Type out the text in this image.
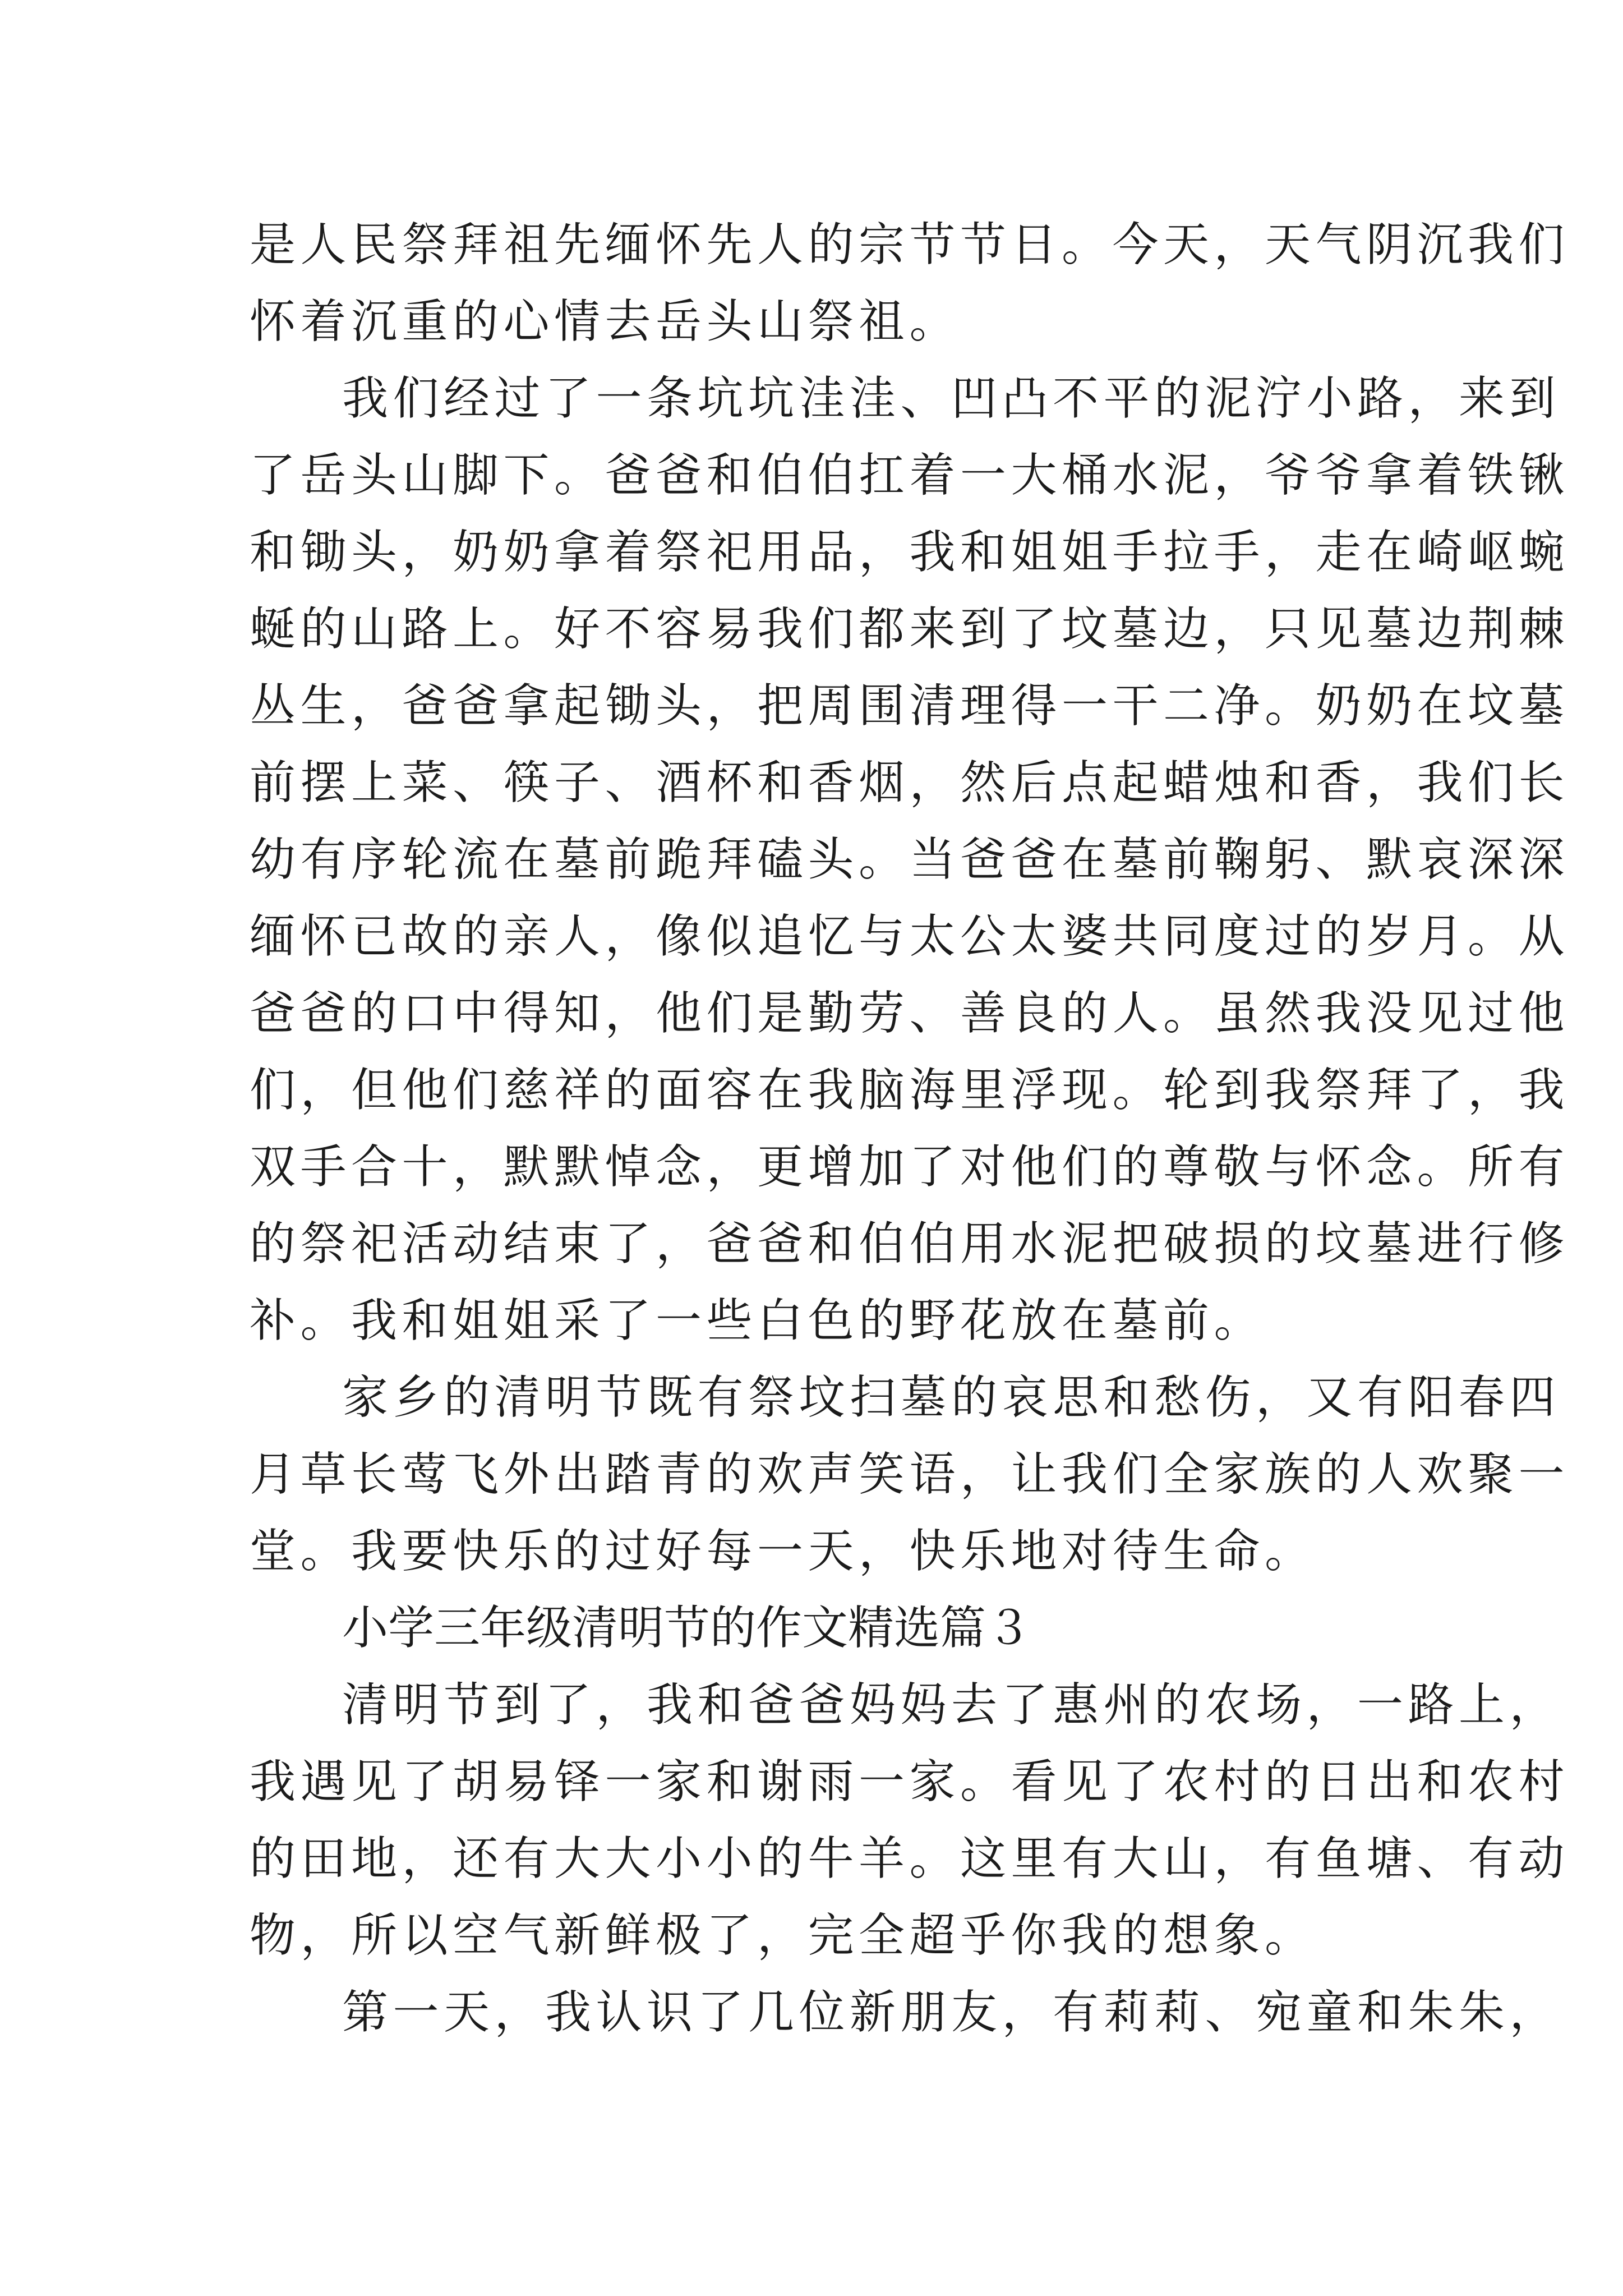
是人民祭拜祖先缅怀先人的宗节节日。今天，天气阴沉我们

怀着沉重的心情去岳头山祭祖。

我们经过了一条坑坑洼洼、凹凸不平的泥泞小路，来到

了岳头山脚下。爸爸和伯伯扛着一大桶水泥，爷爷拿着铁锹

和锄头，奶奶拿着祭祀用品，我和姐姐手拉手，走在崎岖蜿

蜒的山路上。好不容易我们都来到了坟墓边，只见墓边荆棘

丛生，爸爸拿起锄头，把周围清理得一干二净。奶奶在坟墓

前摆上菜、筷子、酒杯和香烟，然后点起蜡烛和香，我们长

幼有序轮流在墓前跪拜磕头。当爸爸在墓前鞠躬、默哀深深

缅怀已故的亲人，像似追忆与太公太婆共同度过的岁月。从

爸爸的口中得知，他们是勤劳、善良的人。虽然我没见过他

们，但他们慈祥的面容在我脑海里浮现。轮到我祭拜了，我

双手合十，默默悼念，更增加了对他们的尊敬与怀念。所有

的祭祀活动结束了，爸爸和伯伯用水泥把破损的坟墓进行修

补。我和姐姐采了一些白色的野花放在墓前。

家乡的清明节既有祭坟扫墓的哀思和愁伤，又有阳春四

月草长莺飞外出踏青的欢声笑语，让我们全家族的人欢聚一

堂。我要快乐的过好每一天，快乐地对待生命。

小学三年级清明节的作文精选篇３

清明节到了，我和爸爸妈妈去了惠州的农场，一路上，

我遇见了胡易铎一家和谢雨一家。看见了农村的日出和农村

的田地，还有大大小小的牛羊。这里有大山，有鱼塘、有动

物，所以空气新鲜极了，完全超乎你我的想象。

第一天，我认识了几位新朋友，有莉莉、宛童和朱朱，
